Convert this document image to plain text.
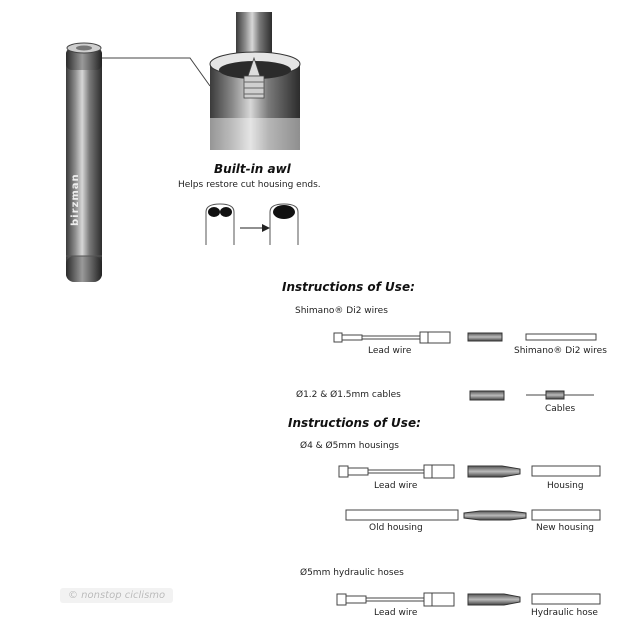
birzman
Built-in awl
Helps restore cut housing ends.
Instructions of Use:
Shimano® Di2 wires
Lead wire	Shimano® Di2 wires
Ø1.2 & Ø1.5mm cables
Cables
Instructions of Use:
Ø4 & Ø5mm housings
Lead wire	Housing
Old housing	New housing
Ø5mm hydraulic hoses
Lead wire	Hydraulic hose
© nonstop ciclismo
